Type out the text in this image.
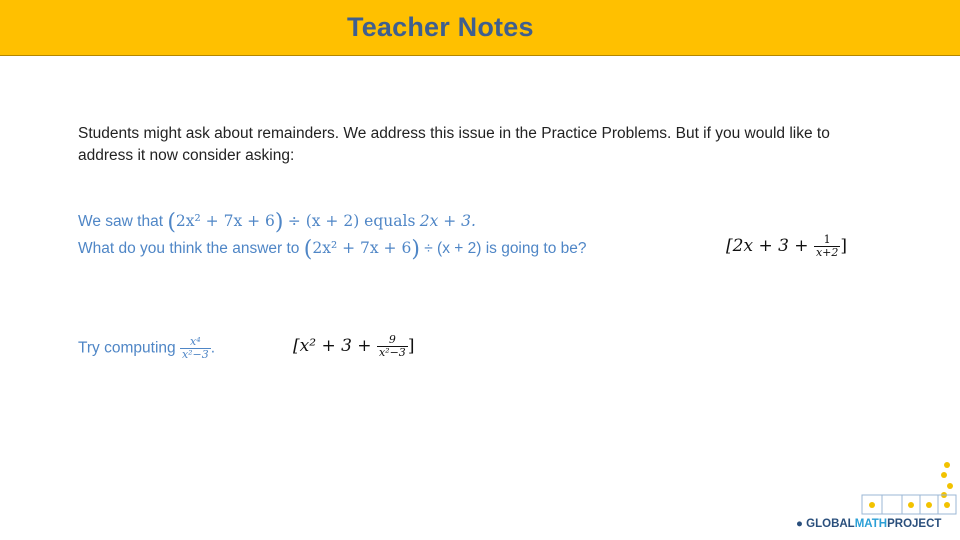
Teacher Notes
Students might ask about remainders. We address this issue in the Practice Problems. But if you would like to
address it now consider asking:
We saw that (2x² + 7x + 6) ÷ (x + 2) equals 2x + 3.
What do you think the answer to (2x² + 7x + 6) ÷ (x + 2) is going to be?	[$2x + 3 + \frac{1}{x+2}$ ]
Try computing $\frac{\text{x⁴}}{\text{x²−3}}$ .	[$x^2 + 3 + \frac{9}{\text{x²−3}}$ ]
● GLOBALMATHPROJECT
